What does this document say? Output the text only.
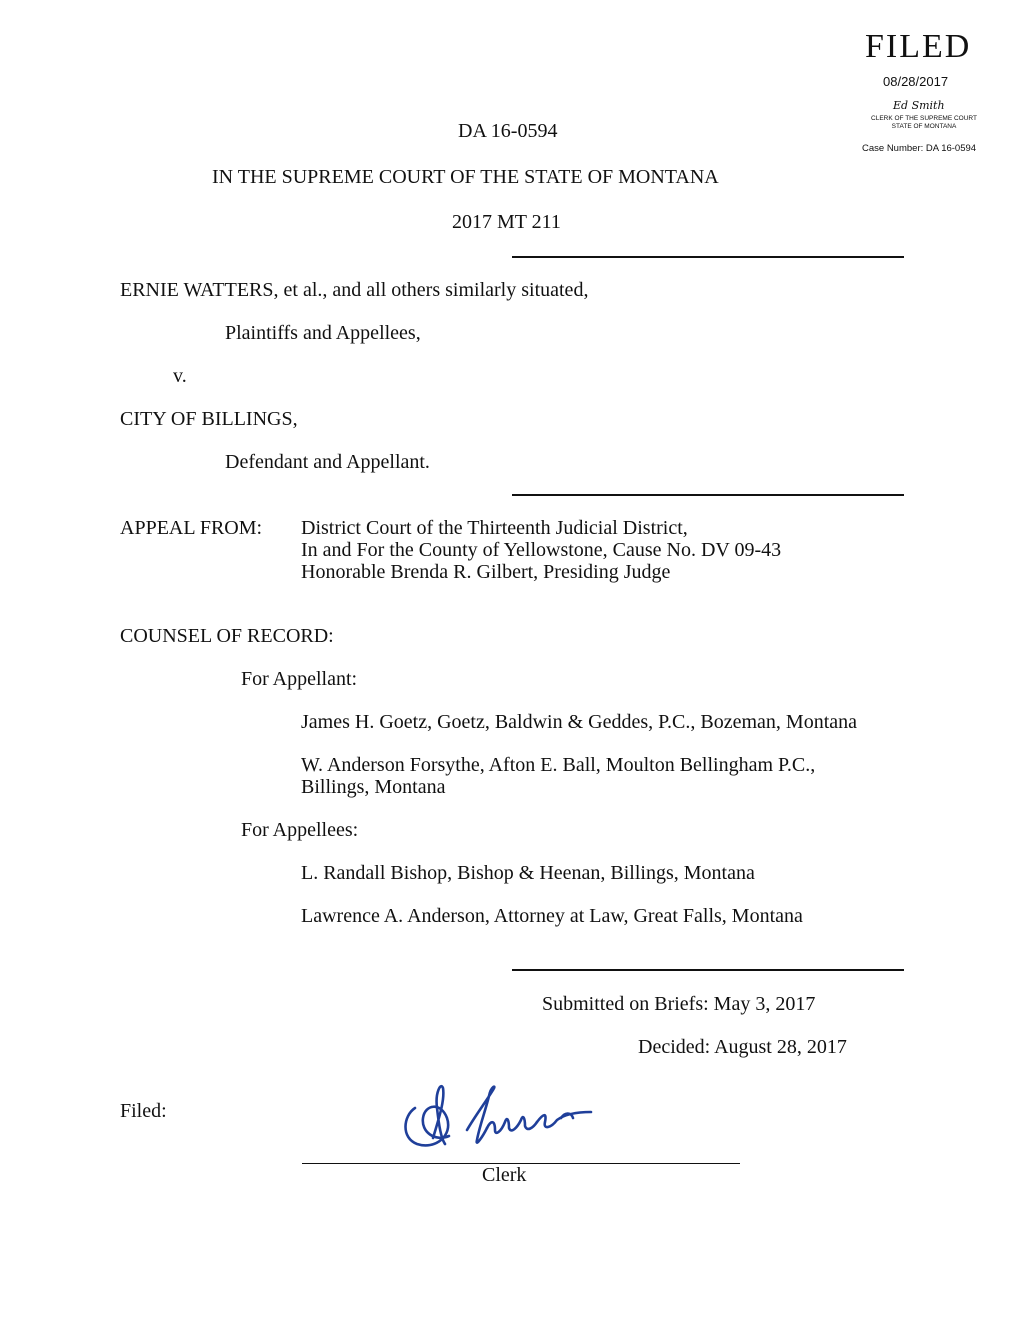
FILED
08/28/2017
Ed Smith
CLERK OF THE SUPREME COURT
STATE OF MONTANA
Case Number: DA 16-0594
DA 16-0594
IN THE SUPREME COURT OF THE STATE OF MONTANA
2017 MT 211
ERNIE WATTERS, et al., and all others similarly situated,
Plaintiffs and Appellees,
v.
CITY OF BILLINGS,
Defendant and Appellant.
APPEAL FROM: District Court of the Thirteenth Judicial District,
In and For the County of Yellowstone, Cause No. DV 09-43
Honorable Brenda R. Gilbert, Presiding Judge
COUNSEL OF RECORD:
For Appellant:
James H. Goetz, Goetz, Baldwin & Geddes, P.C., Bozeman, Montana
W. Anderson Forsythe, Afton E. Ball, Moulton Bellingham P.C.,
Billings, Montana
For Appellees:
L. Randall Bishop, Bishop & Heenan, Billings, Montana
Lawrence A. Anderson, Attorney at Law, Great Falls, Montana
Submitted on Briefs: May 3, 2017
Decided: August 28, 2017
Filed:
Clerk
